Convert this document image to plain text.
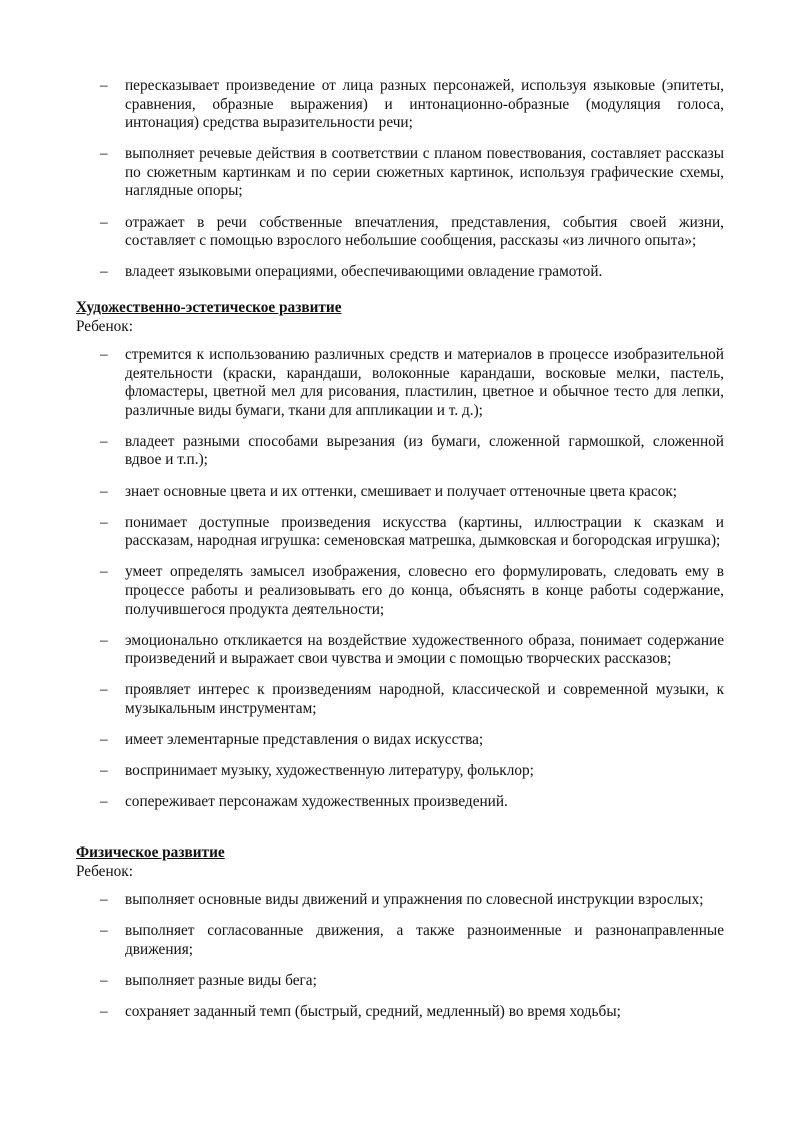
– пересказывает произведение от лица разных персонажей, используя языковые (эпитеты, сравнения, образные выражения) и интонационно-образные (модуляция голоса, интонация) средства выразительности речи;
– выполняет речевые действия в соответствии с планом повествования, составляет рассказы по сюжетным картинкам и по серии сюжетных картинок, используя графические схемы, наглядные опоры;
– отражает в речи собственные впечатления, представления, события своей жизни, составляет с помощью взрослого небольшие сообщения, рассказы «из личного опыта»;
– владеет языковыми операциями, обеспечивающими овладение грамотой.
Художественно-эстетическое развитие
Ребенок:
– стремится к использованию различных средств и материалов в процессе изобразительной деятельности (краски, карандаши, волоконные карандаши, восковые мелки, пастель, фломастеры, цветной мел для рисования, пластилин, цветное и обычное тесто для лепки, различные виды бумаги, ткани для аппликации и т. д.);
– владеет разными способами вырезания (из бумаги, сложенной гармошкой, сложенной вдвое и т.п.);
– знает основные цвета и их оттенки, смешивает и получает оттеночные цвета красок;
– понимает доступные произведения искусства (картины, иллюстрации к сказкам и рассказам, народная игрушка: семеновская матрешка, дымковская и богородская игрушка);
– умеет определять замысел изображения, словесно его формулировать, следовать ему в процессе работы и реализовывать его до конца, объяснять в конце работы содержание, получившегося продукта деятельности;
– эмоционально откликается на воздействие художественного образа, понимает содержание произведений и выражает свои чувства и эмоции с помощью творческих рассказов;
– проявляет интерес к произведениям народной, классической и современной музыки, к музыкальным инструментам;
– имеет элементарные представления о видах искусства;
– воспринимает музыку, художественную литературу, фольклор;
– сопереживает персонажам художественных произведений.
Физическое развитие
Ребенок:
– выполняет основные виды движений и упражнения по словесной инструкции взрослых;
– выполняет согласованные движения, а также разноименные и разнонаправленные движения;
– выполняет разные виды бега;
– сохраняет заданный темп (быстрый, средний, медленный) во время ходьбы;
